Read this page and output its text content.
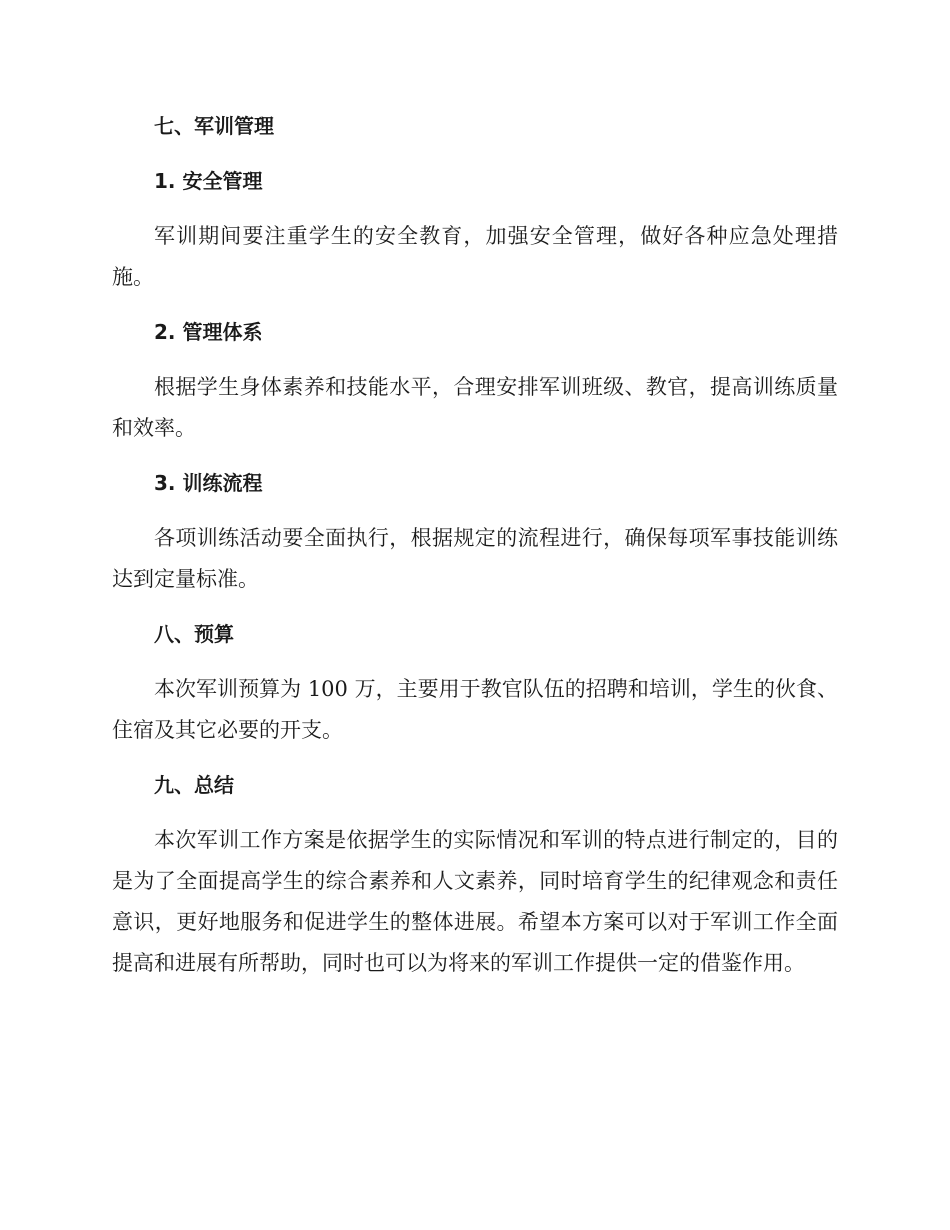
七、军训管理
1. 安全管理

军训期间要注重学生的安全教育，加强安全管理，做好各种应急处理措施。

2. 管理体系

根据学生身体素养和技能水平，合理安排军训班级、教官，提高训练质量和效率。

3. 训练流程

各项训练活动要全面执行，根据规定的流程进行，确保每项军事技能训练达到定量标准。

八、预算

本次军训预算为 100 万，主要用于教官队伍的招聘和培训，学生的伙食、住宿及其它必要的开支。

九、总结

本次军训工作方案是依据学生的实际情况和军训的特点进行制定的，目的是为了全面提高学生的综合素养和人文素养，同时培育学生的纪律观念和责任意识，更好地服务和促进学生的整体进展。希望本方案可以对于军训工作全面提高和进展有所帮助，同时也可以为将来的军训工作提供一定的借鉴作用。
